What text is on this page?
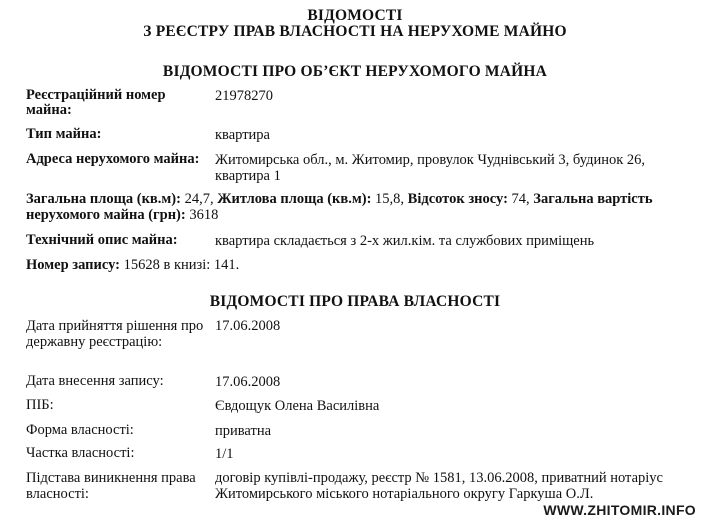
ВІДОМОСТІ
З РЕЄСТРУ ПРАВ ВЛАСНОСТІ НА НЕРУХОМЕ МАЙНО
ВІДОМОСТІ ПРО ОБ’ЄКТ НЕРУХОМОГО МАЙНА
Реєстраційний номер майна:
21978270
Тип майна:	квартира
Адреса нерухомого майна:	Житомирська обл., м. Житомир, провулок Чуднівський 3, будинок 26, квартира 1
Загальна площа (кв.м): 24,7, Житлова площа (кв.м): 15,8, Відсоток зносу: 74, Загальна вартість нерухомого майна (грн): 3618
Технічний опис майна:	квартира складається з 2-х жил.кім. та службових приміщень
Номер запису: 15628 в книзі: 141.
ВІДОМОСТІ ПРО ПРАВА ВЛАСНОСТІ
Дата прийняття рішення про державну реєстрацію:
17.06.2008
Дата внесення запису:	17.06.2008
ПІБ:	Євдощук Олена Василівна
Форма власності:	приватна
Частка власності:	1/1
Підстава виникнення права власності:
договір купівлі-продажу, реєстр № 1581, 13.06.2008, приватний нотаріус Житомирського міського нотаріального округу Гаркуша О.Л.
WWW.ZHITOMIR.INFO
